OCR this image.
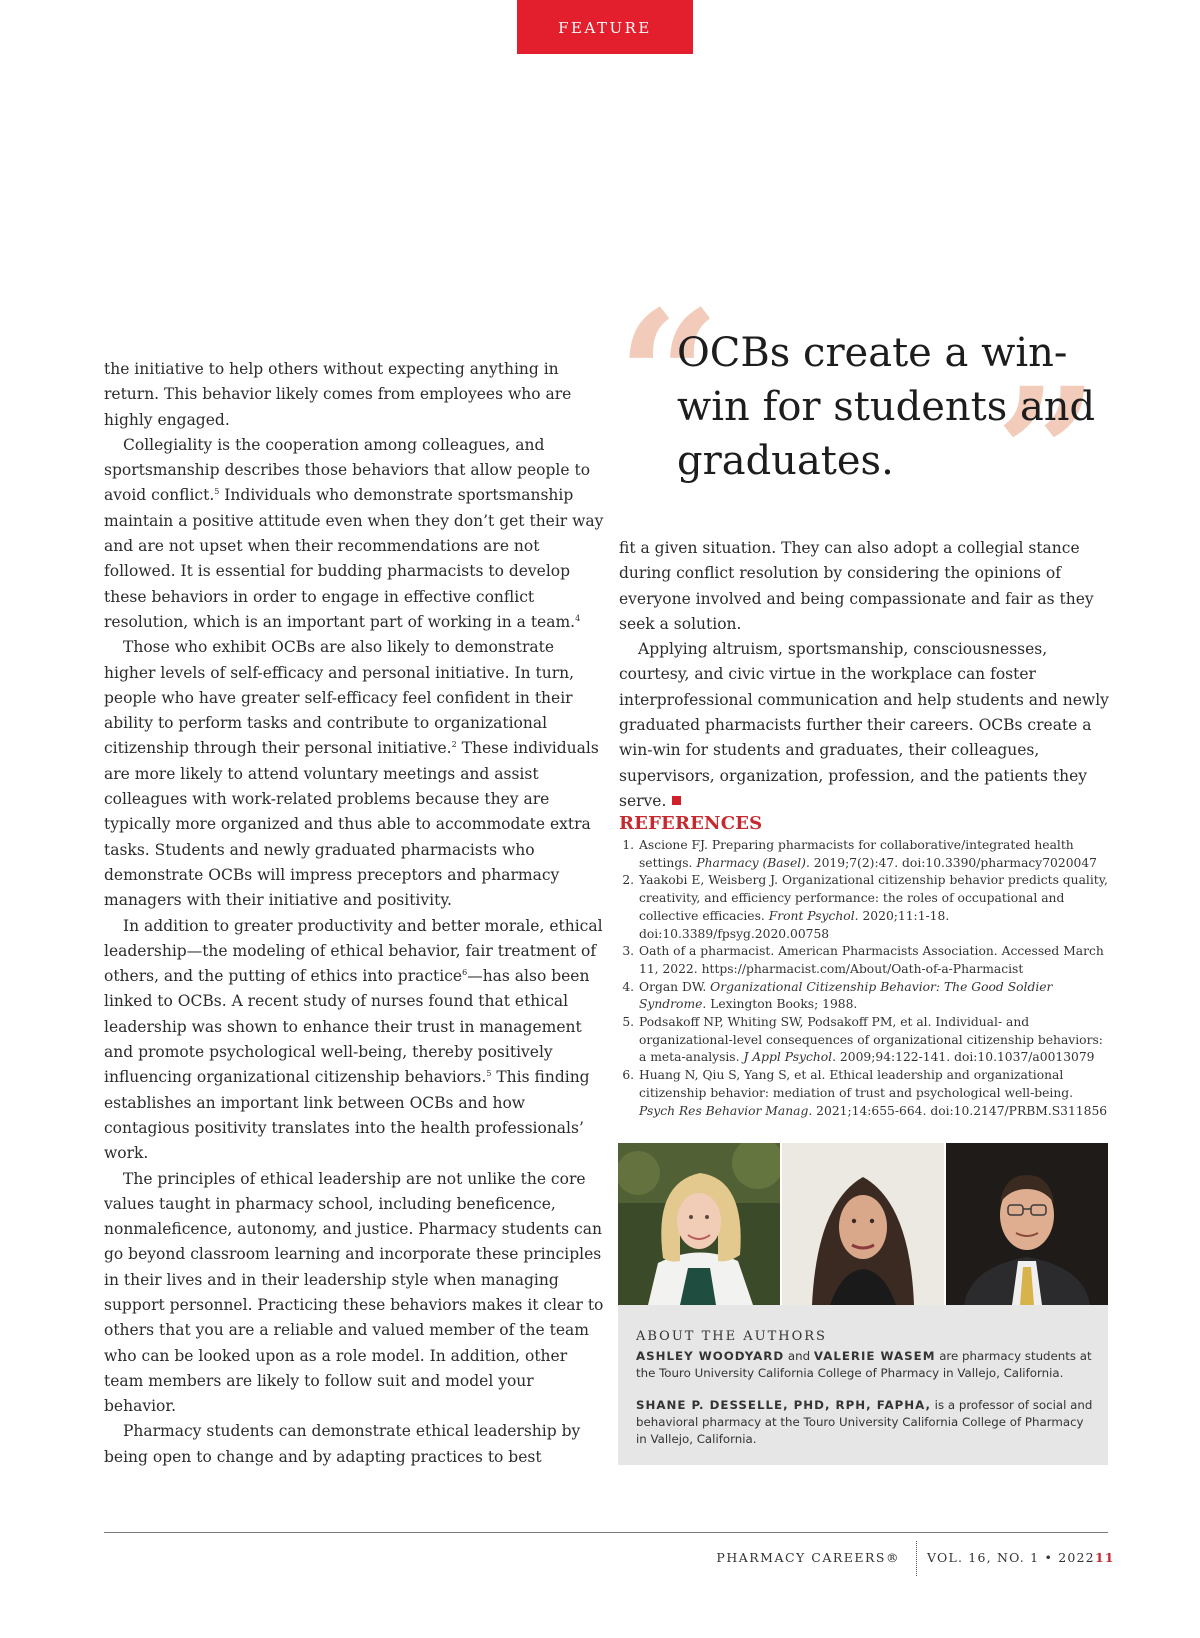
FEATURE

the initiative to help others without expecting anything in return. This behavior likely comes from employees who are highly engaged.

Collegiality is the cooperation among colleagues, and sportsmanship describes those behaviors that allow people to avoid conflict.$^5$ Individuals who demonstrate sportsmanship maintain a positive attitude even when they don’t get their way and are not upset when their recommendations are not followed. It is essential for budding pharmacists to develop these behaviors in order to engage in effective conflict resolution, which is an important part of working in a team.$^4$

Those who exhibit OCBs are also likely to demonstrate higher levels of self-efficacy and personal initiative. In turn, people who have greater self-efficacy feel confident in their ability to perform tasks and contribute to organizational citizenship through their personal initiative.$^2$ These individuals are more likely to attend voluntary meetings and assist colleagues with work-related problems because they are typically more organized and thus able to accommodate extra tasks. Students and newly graduated pharmacists who demonstrate OCBs will impress preceptors and pharmacy managers with their initiative and positivity.

In addition to greater productivity and better morale, ethical leadership—the modeling of ethical behavior, fair treatment of others, and the putting of ethics into practice$^6$—has also been linked to OCBs. A recent study of nurses found that ethical leadership was shown to enhance their trust in management and promote psychological well-being, thereby positively influencing organizational citizenship behaviors.$^5$ This finding establishes an important link between OCBs and how contagious positivity translates into the health professionals’ work.

The principles of ethical leadership are not unlike the core values taught in pharmacy school, including beneficence, nonmaleficence, autonomy, and justice. Pharmacy students can go beyond classroom learning and incorporate these principles in their lives and in their leadership style when managing support personnel. Practicing these behaviors makes it clear to others that you are a reliable and valued member of the team who can be looked upon as a role model. In addition, other team members are likely to follow suit and model your behavior.

Pharmacy students can demonstrate ethical leadership by being open to change and by adapting practices to best

“ ”
OCBs create a win-win for students and graduates.

fit a given situation. They can also adopt a collegial stance during conflict resolution by considering the opinions of everyone involved and being compassionate and fair as they seek a solution.

Applying altruism, sportsmanship, consciousnesses, courtesy, and civic virtue in the workplace can foster interprofessional communication and help students and newly graduated pharmacists further their careers. OCBs create a win-win for students and graduates, their colleagues, supervisors, organization, profession, and the patients they serve.

REFERENCES
1. Ascione FJ. Preparing pharmacists for collaborative/integrated health settings. Pharmacy (Basel). 2019;7(2):47. doi:10.3390/pharmacy7020047
2. Yaakobi E, Weisberg J. Organizational citizenship behavior predicts quality, creativity, and efficiency performance: the roles of occupational and collective efficacies. Front Psychol. 2020;11:1-18. doi:10.3389/fpsyg.2020.00758
3. Oath of a pharmacist. American Pharmacists Association. Accessed March 11, 2022. https://pharmacist.com/About/Oath-of-a-Pharmacist
4. Organ DW. Organizational Citizenship Behavior: The Good Soldier Syndrome. Lexington Books; 1988.
5. Podsakoff NP, Whiting SW, Podsakoff PM, et al. Individual- and organizational-level consequences of organizational citizenship behaviors: a meta-analysis. J Appl Psychol. 2009;94:122-141. doi:10.1037/a0013079
6. Huang N, Qiu S, Yang S, et al. Ethical leadership and organizational citizenship behavior: mediation of trust and psychological well-being. Psych Res Behavior Manag. 2021;14:655-664. doi:10.2147/PRBM.S311856
ABOUT THE AUTHORS

ASHLEY WOODYARD and VALERIE WASEM are pharmacy students at the Touro University California College of Pharmacy in Vallejo, California.

SHANE P. DESSELLE, PHD, RPH, FAPHA, is a professor of social and behavioral pharmacy at the Touro University California College of Pharmacy in Vallejo, California.

PHARMACY CAREERS® VOL. 16, NO. 1 • 2022 11
